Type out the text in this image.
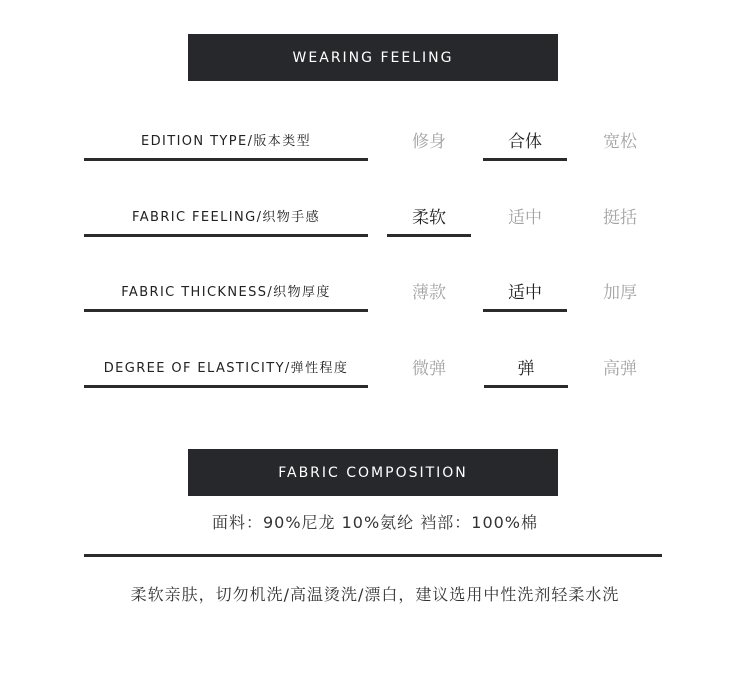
WEARING FEELING
EDITION TYPE/版本类型	修身	合体	宽松
FABRIC FEELING/织物手感	柔软	适中	挺括
FABRIC THICKNESS/织物厚度	薄款	适中	加厚
DEGREE OF ELASTICITY/弹性程度	微弹	弹	高弹
FABRIC COMPOSITION
面料：90%尼龙 10%氨纶 裆部：100%棉
柔软亲肤，切勿机洗/高温烫洗/漂白，建议选用中性洗剂轻柔水洗
